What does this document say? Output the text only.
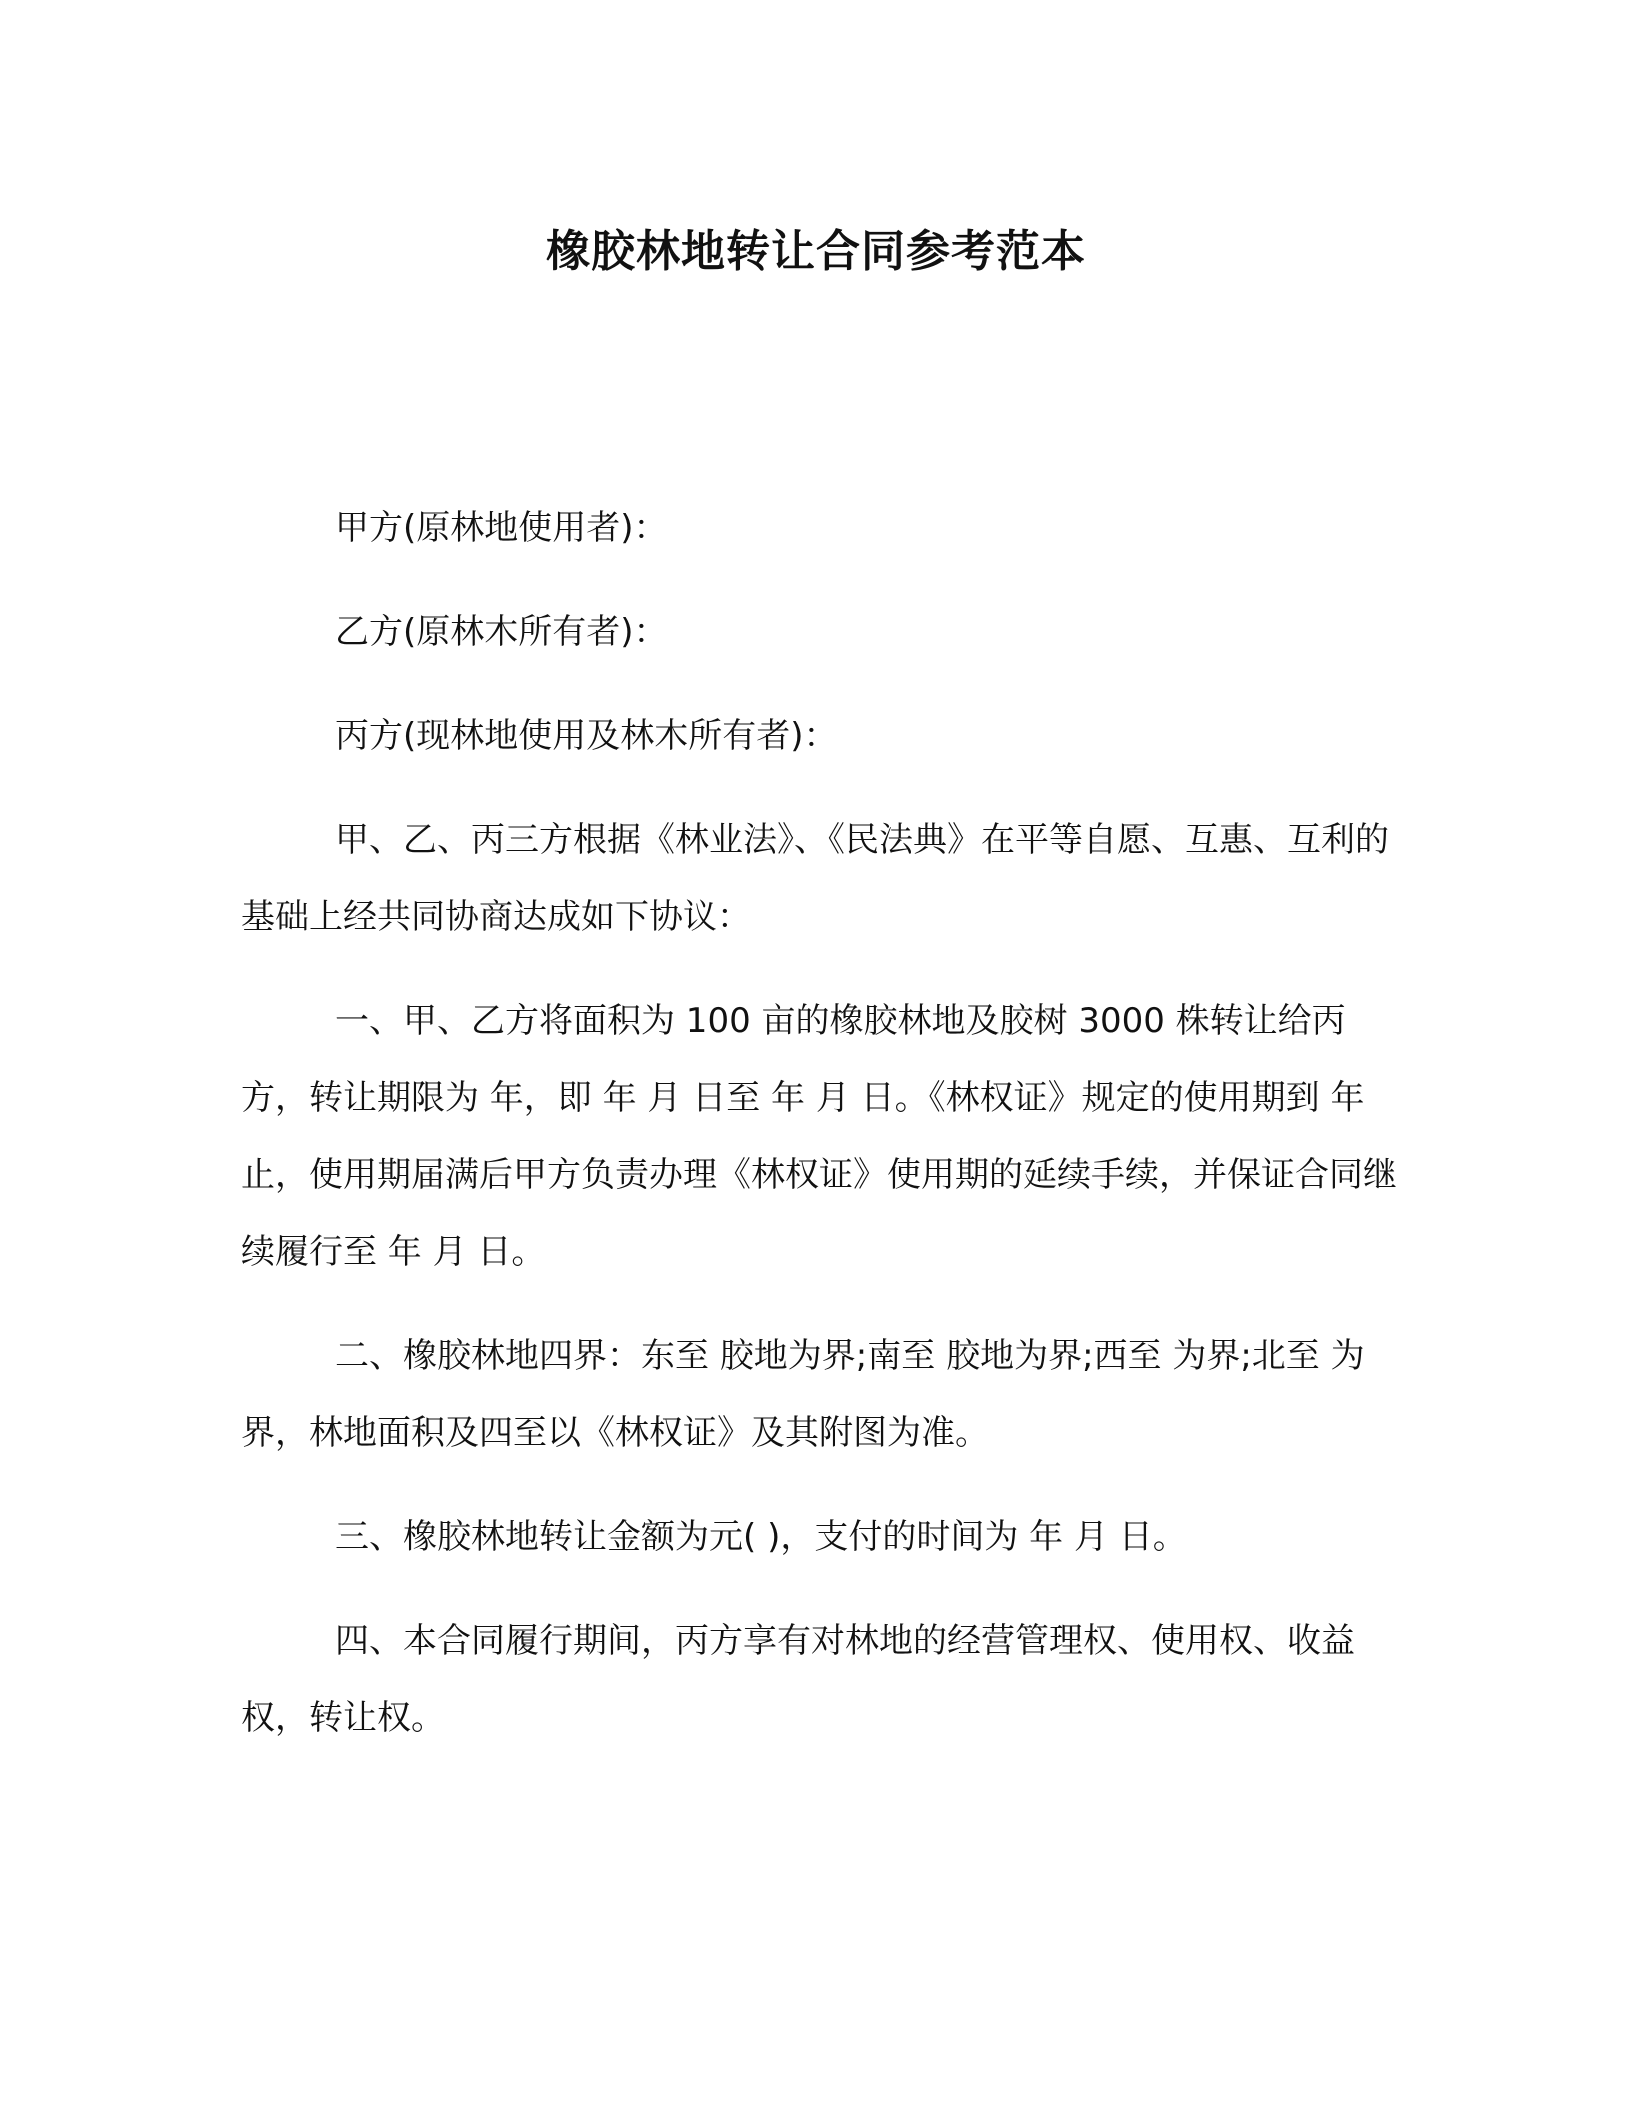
橡胶林地转让合同参考范本

甲方(原林地使用者)：

乙方(原林木所有者)：

丙方(现林地使用及林木所有者)：

甲、乙、丙三方根据《林业法》、《民法典》在平等自愿、互惠、互利的基础上经共同协商达成如下协议：

一、甲、乙方将面积为 100 亩的橡胶林地及胶树 3000 株转让给丙方，转让期限为 年，即 年 月 日至 年 月 日。《林权证》规定的使用期到 年止，使用期届满后甲方负责办理《林权证》使用期的延续手续，并保证合同继续履行至 年 月 日。

二、橡胶林地四界：东至 胶地为界;南至 胶地为界;西至 为界;北至 为界，林地面积及四至以《林权证》及其附图为准。

三、橡胶林地转让金额为元( )，支付的时间为 年 月 日。

四、本合同履行期间，丙方享有对林地的经营管理权、使用权、收益权，转让权。
